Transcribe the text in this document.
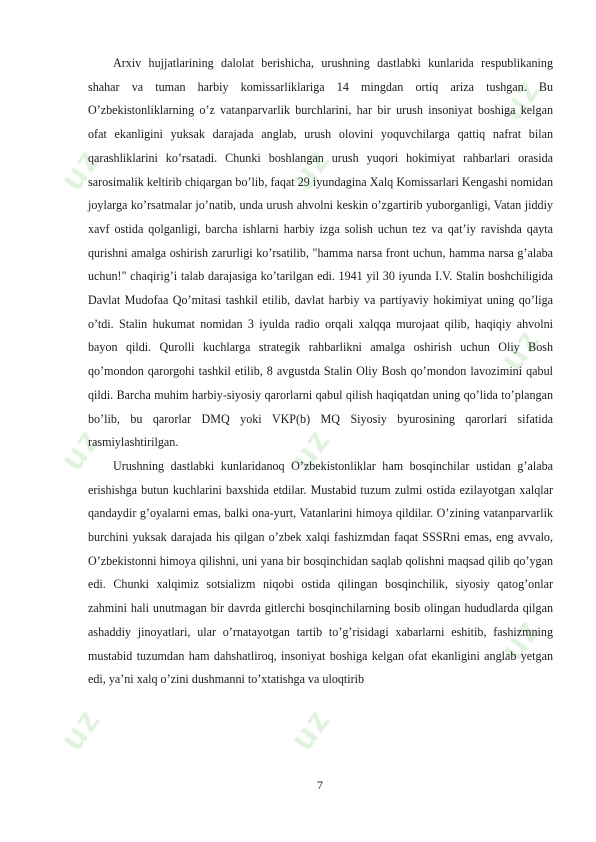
uz	uz
uz
uz	uz
uz
uz	uz
uz

Arxiv hujjatlarining dalolat berishicha, urushning dastlabki kunlarida respublikaning shahar va tuman harbiy komissarliklariga 14 mingdan ortiq ariza tushgan. Bu O’zbekistonliklarning o’z vatanparvarlik burchlarini, har bir urush insoniyat boshiga kelgan ofat ekanligini yuksak darajada anglab, urush olovini yoquvchilarga qattiq nafrat bilan qarashliklarini ko’rsatadi. Chunki boshlangan urush yuqori hokimiyat rahbarlari orasida sarosimalik keltirib chiqargan bo’lib, faqat 29 iyundagina Xalq Komissarlari Kengashi nomidan joylarga ko’rsatmalar jo’natib, unda urush ahvolni keskin o’zgartirib yuborganligi, Vatan jiddiy xavf ostida qolganligi, barcha ishlarni harbiy izga solish uchun tez va qat’iy ravishda qayta qurishni amalga oshirish zarurligi ko’rsatilib, "hamma narsa front uchun, hamma narsa g’alaba uchun!" chaqirig’i talab darajasiga ko’tarilgan edi. 1941 yil 30 iyunda I.V. Stalin boshchiligida Davlat Mudofaa Qo’mitasi tashkil etilib, davlat harbiy va partiyaviy hokimiyat uning qo’liga o’tdi. Stalin hukumat nomidan 3 iyulda radio orqali xalqqa murojaat qilib, haqiqiy ahvolni bayon qildi. Qurolli kuchlarga strategik rahbarlikni amalga oshirish uchun Oliy Bosh qo’mondon qarorgohi tashkil etilib, 8 avgustda Stalin Oliy Bosh qo’mondon lavozimini qabul qildi. Barcha muhim harbiy-siyosiy qarorlarni qabul qilish haqiqatdan uning qo’lida to’plangan bo’lib, bu qarorlar DMQ yoki VKP(b) MQ Siyosiy byurosining qarorlari sifatida rasmiylashtirilgan.

Urushning dastlabki kunlaridanoq O’zbekistonliklar ham bosqinchilar ustidan g’alaba erishishga butun kuchlarini baxshida etdilar. Mustabid tuzum zulmi ostida ezilayotgan xalqlar qandaydir g’oyalarni emas, balki ona-yurt, Vatanlarini himoya qildilar. O’zining vatanparvarlik burchini yuksak darajada his qilgan o’zbek xalqi fashizmdan faqat SSSRni emas, eng avvalo, O’zbekistonni himoya qilishni, uni yana bir bosqinchidan saqlab qolishni maqsad qilib qo’ygan edi. Chunki xalqimiz sotsializm niqobi ostida qilingan bosqinchilik, siyosiy qatog’onlar zahmini hali unutmagan bir davrda gitlerchi bosqinchilarning bosib olingan hududlarda qilgan ashaddiy jinoyatlari, ular o’rnatayotgan tartib to’g’risidagi xabarlarni eshitib, fashizmning mustabid tuzumdan ham dahshatliroq, insoniyat boshiga kelgan ofat ekanligini anglab yetgan edi, ya’ni xalq o’zini dushmanni to’xtatishga va uloqtirib

7
